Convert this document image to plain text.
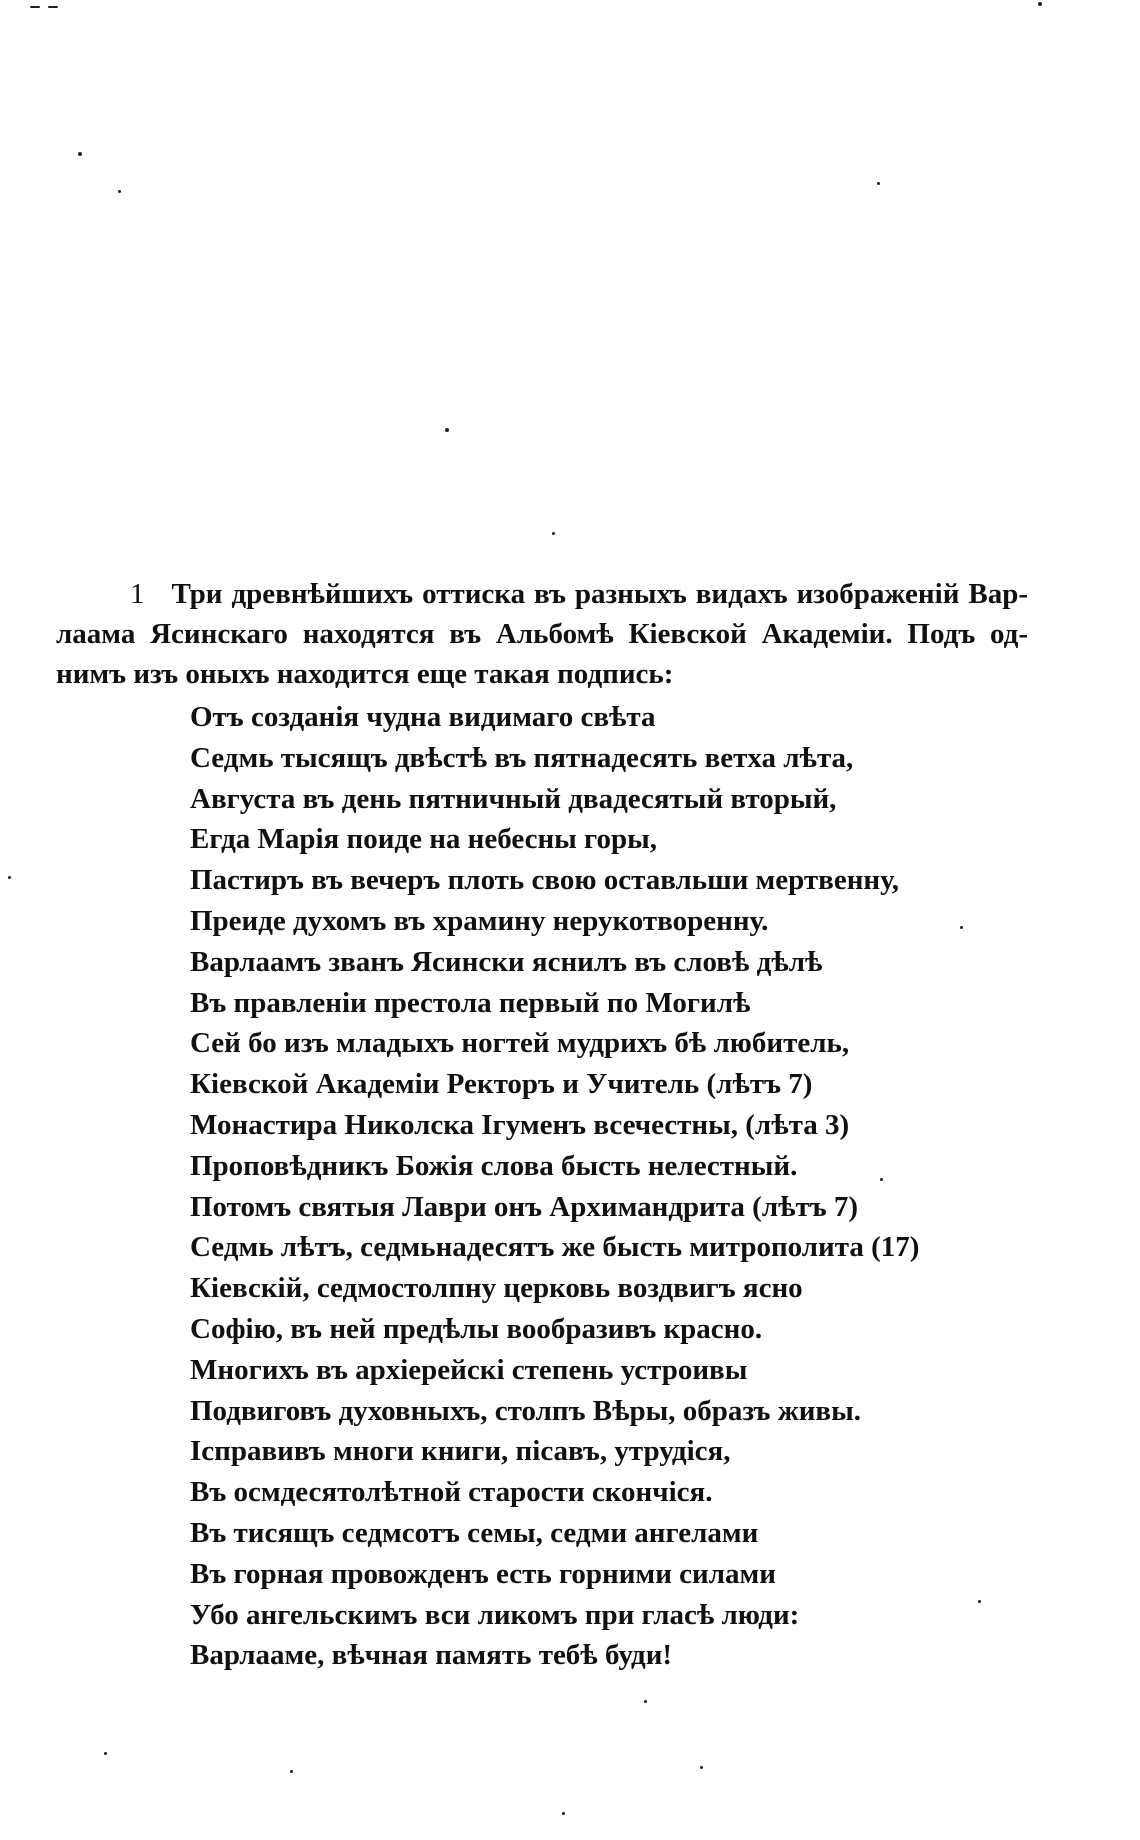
1 Три древнѣйшихъ оттиска въ разныхъ видахъ изображенiй Вар-
лаама Ясинскаго находятся въ Альбомѣ Кiевской Академiи. Подъ од-
нимъ изъ оныхъ находится еще такая подпись:
Отъ созданiя чудна видимаго свѣта
Седмь тысящъ двѣстѣ въ пятнадесять ветха лѣта,
Августа въ день пятничный двадесятый вторый,
Егда Марiя поиде на небесны горы,
Пастиръ въ вечеръ плоть свою оставльши мертвенну,
Преиде духомъ въ храмину нерукотворенну.
Варлаамъ званъ Ясински яснилъ въ словѣ дѣлѣ
Въ правленiи престола первый по Могилѣ
Сей бо изъ младыхъ ногтей мудрихъ бѣ любитель,
Кiевской Академiи Ректоръ и Учитель (лѣтъ 7)
Монастира Николска Iгуменъ всечестны, (лѣта 3)
Проповѣдникъ Божiя слова бысть нелестный.
Потомъ святыя Лаври онъ Архимандрита (лѣтъ 7)
Седмь лѣтъ, седмьнадесятъ же бысть митрополита (17)
Кiевскiй, седмостолпну церковь воздвигъ ясно
Софiю, въ ней предѣлы вообразивъ красно.
Многихъ въ архiерейскi степень устроивы
Подвиговъ духовныхъ, столпъ Вѣры, образъ живы.
Iсправивъ многи книги, пiсавъ, утрудiся,
Въ осмдесятолѣтной старости скончiся.
Въ тисящъ седмсотъ семы, седми ангелами
Въ горная провожденъ есть горними силами
Убо ангельскимъ вси ликомъ при гласѣ люди:
Варлааме, вѣчная память тебѣ буди!
